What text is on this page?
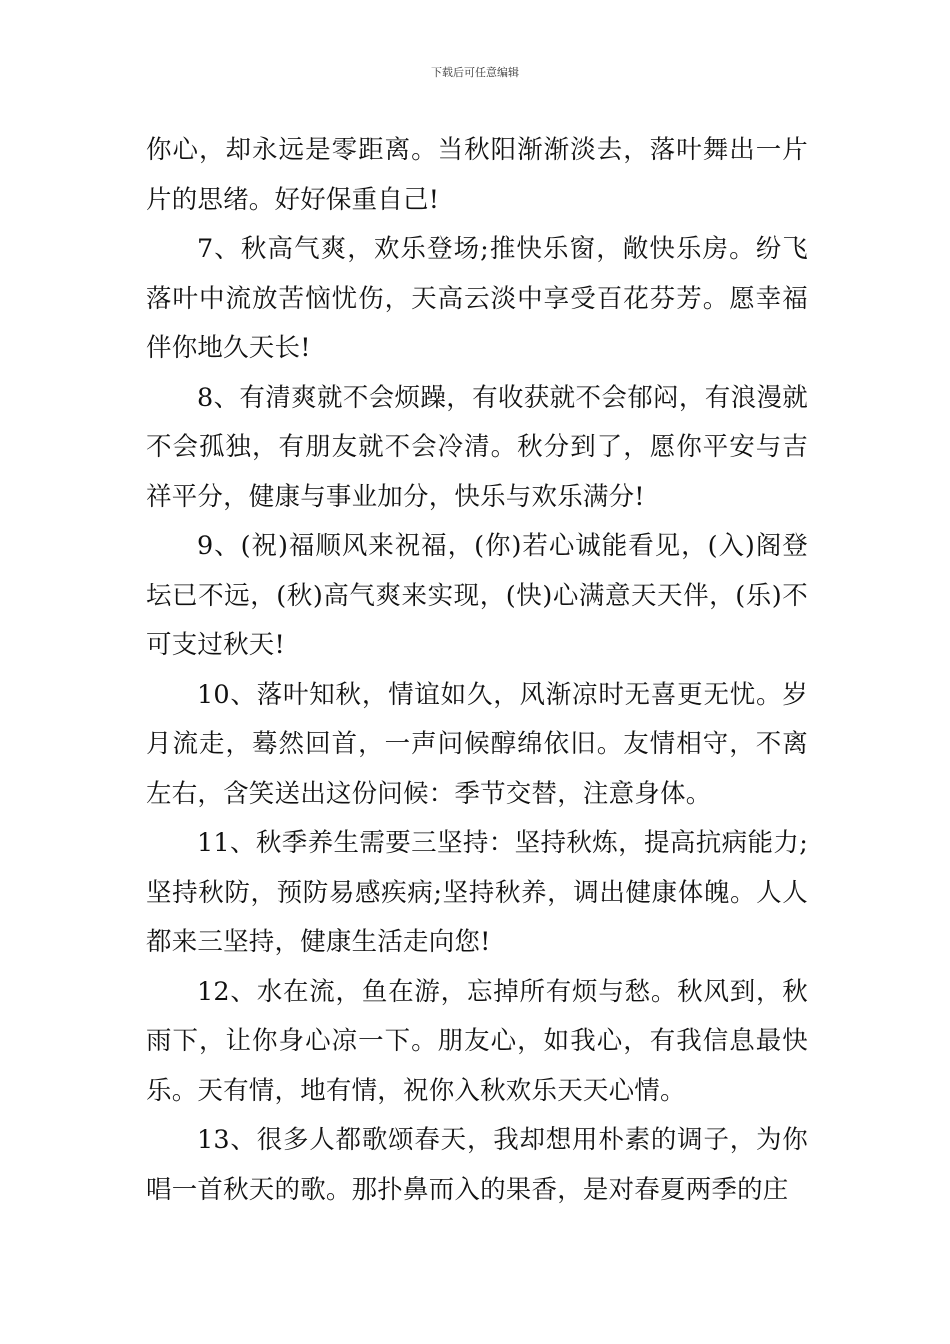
下载后可任意编辑

你心，却永远是零距离。当秋阳渐渐淡去，落叶舞出一片片的思绪。好好保重自己!

7、秋高气爽，欢乐登场;推快乐窗，敞快乐房。纷飞落叶中流放苦恼忧伤，天高云淡中享受百花芬芳。愿幸福伴你地久天长!

8、有清爽就不会烦躁，有收获就不会郁闷，有浪漫就不会孤独，有朋友就不会冷清。秋分到了，愿你平安与吉祥平分，健康与事业加分，快乐与欢乐满分!

9、(祝)福顺风来祝福，(你)若心诚能看见，(入)阁登坛已不远，(秋)高气爽来实现，(快)心满意天天伴，(乐)不可支过秋天!

10、落叶知秋，情谊如久，风渐凉时无喜更无忧。岁月流走，蓦然回首，一声问候醇绵依旧。友情相守，不离左右，含笑送出这份问候：季节交替，注意身体。

11、秋季养生需要三坚持：坚持秋炼，提高抗病能力;坚持秋防，预防易感疾病;坚持秋养，调出健康体魄。人人都来三坚持，健康生活走向您!

12、水在流，鱼在游，忘掉所有烦与愁。秋风到，秋雨下，让你身心凉一下。朋友心，如我心，有我信息最快乐。天有情，地有情，祝你入秋欢乐天天心情。

13、很多人都歌颂春天，我却想用朴素的调子，为你唱一首秋天的歌。那扑鼻而入的果香，是对春夏两季的庄
